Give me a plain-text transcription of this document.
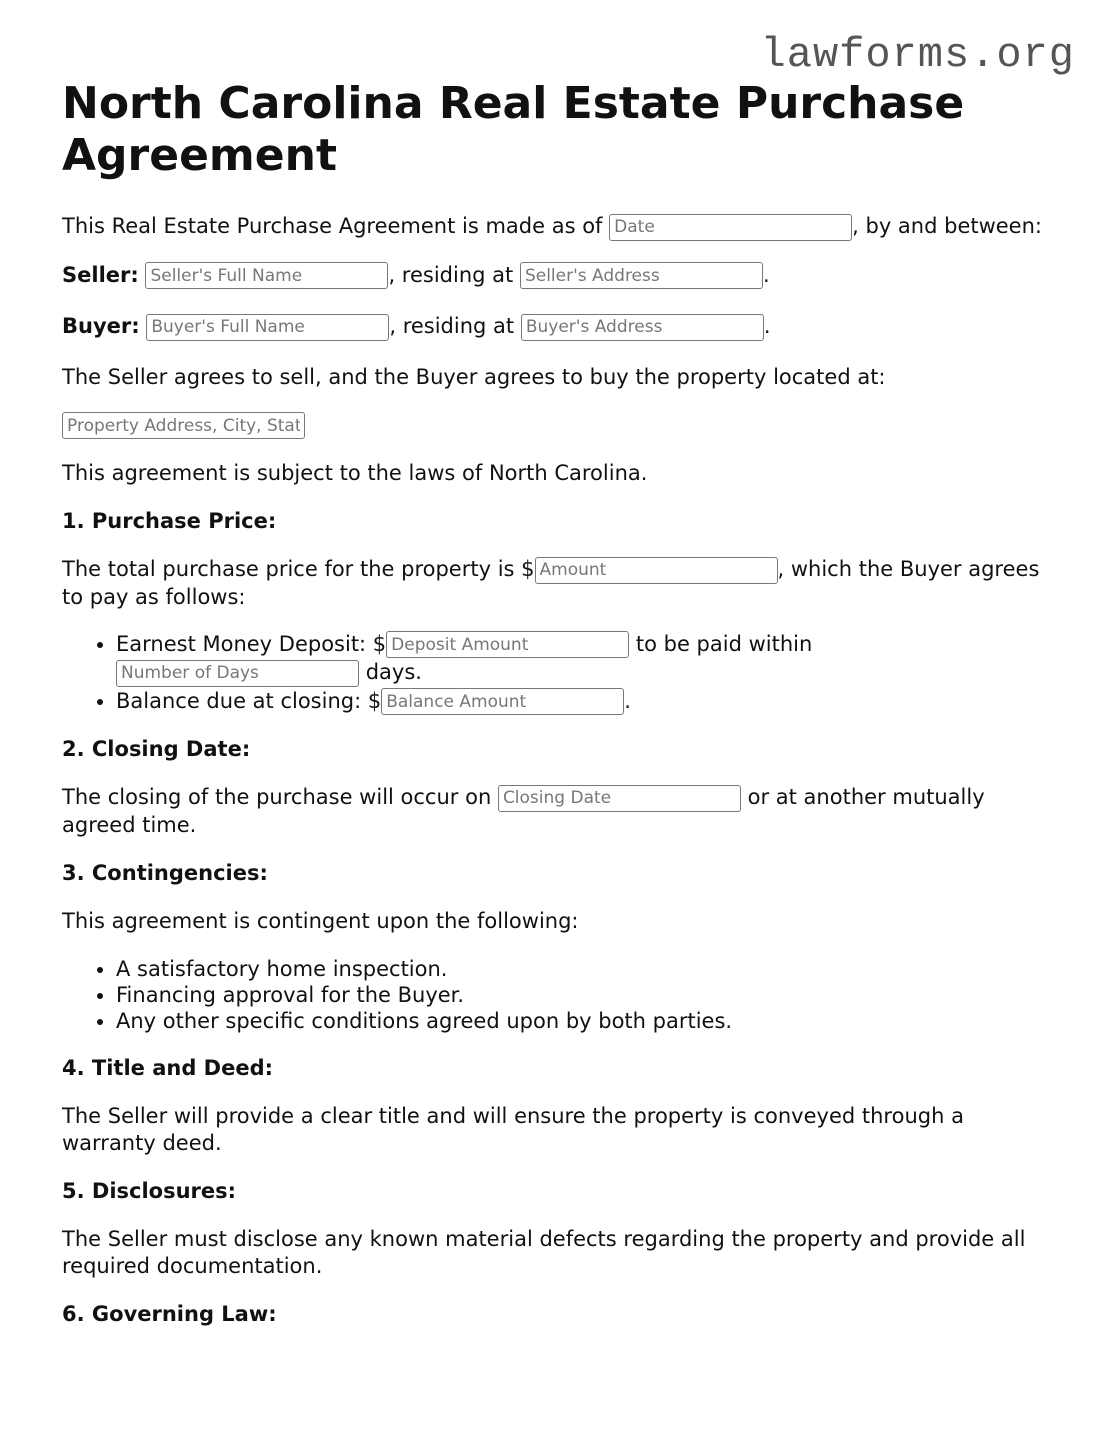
lawforms.org
North Carolina Real Estate Purchase Agreement

This Real Estate Purchase Agreement is made as of Date	, by and between:

Seller: Seller's Full Name	, residing at Seller's Address	.

Buyer: Buyer's Full Name	, residing at Buyer's Address	.

The Seller agrees to sell, and the Buyer agrees to buy the property located at:

Property Address, City, State

This agreement is subject to the laws of North Carolina.

1. Purchase Price:

The total purchase price for the property is $Amount	, which the Buyer agrees to pay as follows:

• Earnest Money Deposit: $Deposit Amount	to be paid within Number of Days days.
• Balance due at closing: $Balance Amount	.

2. Closing Date:

The closing of the purchase will occur on Closing Date	or at another mutually agreed time.

3. Contingencies:

This agreement is contingent upon the following:

• A satisfactory home inspection.
• Financing approval for the Buyer.
• Any other specific conditions agreed upon by both parties.

4. Title and Deed:

The Seller will provide a clear title and will ensure the property is conveyed through a warranty deed.

5. Disclosures:

The Seller must disclose any known material defects regarding the property and provide all required documentation.

6. Governing Law:
